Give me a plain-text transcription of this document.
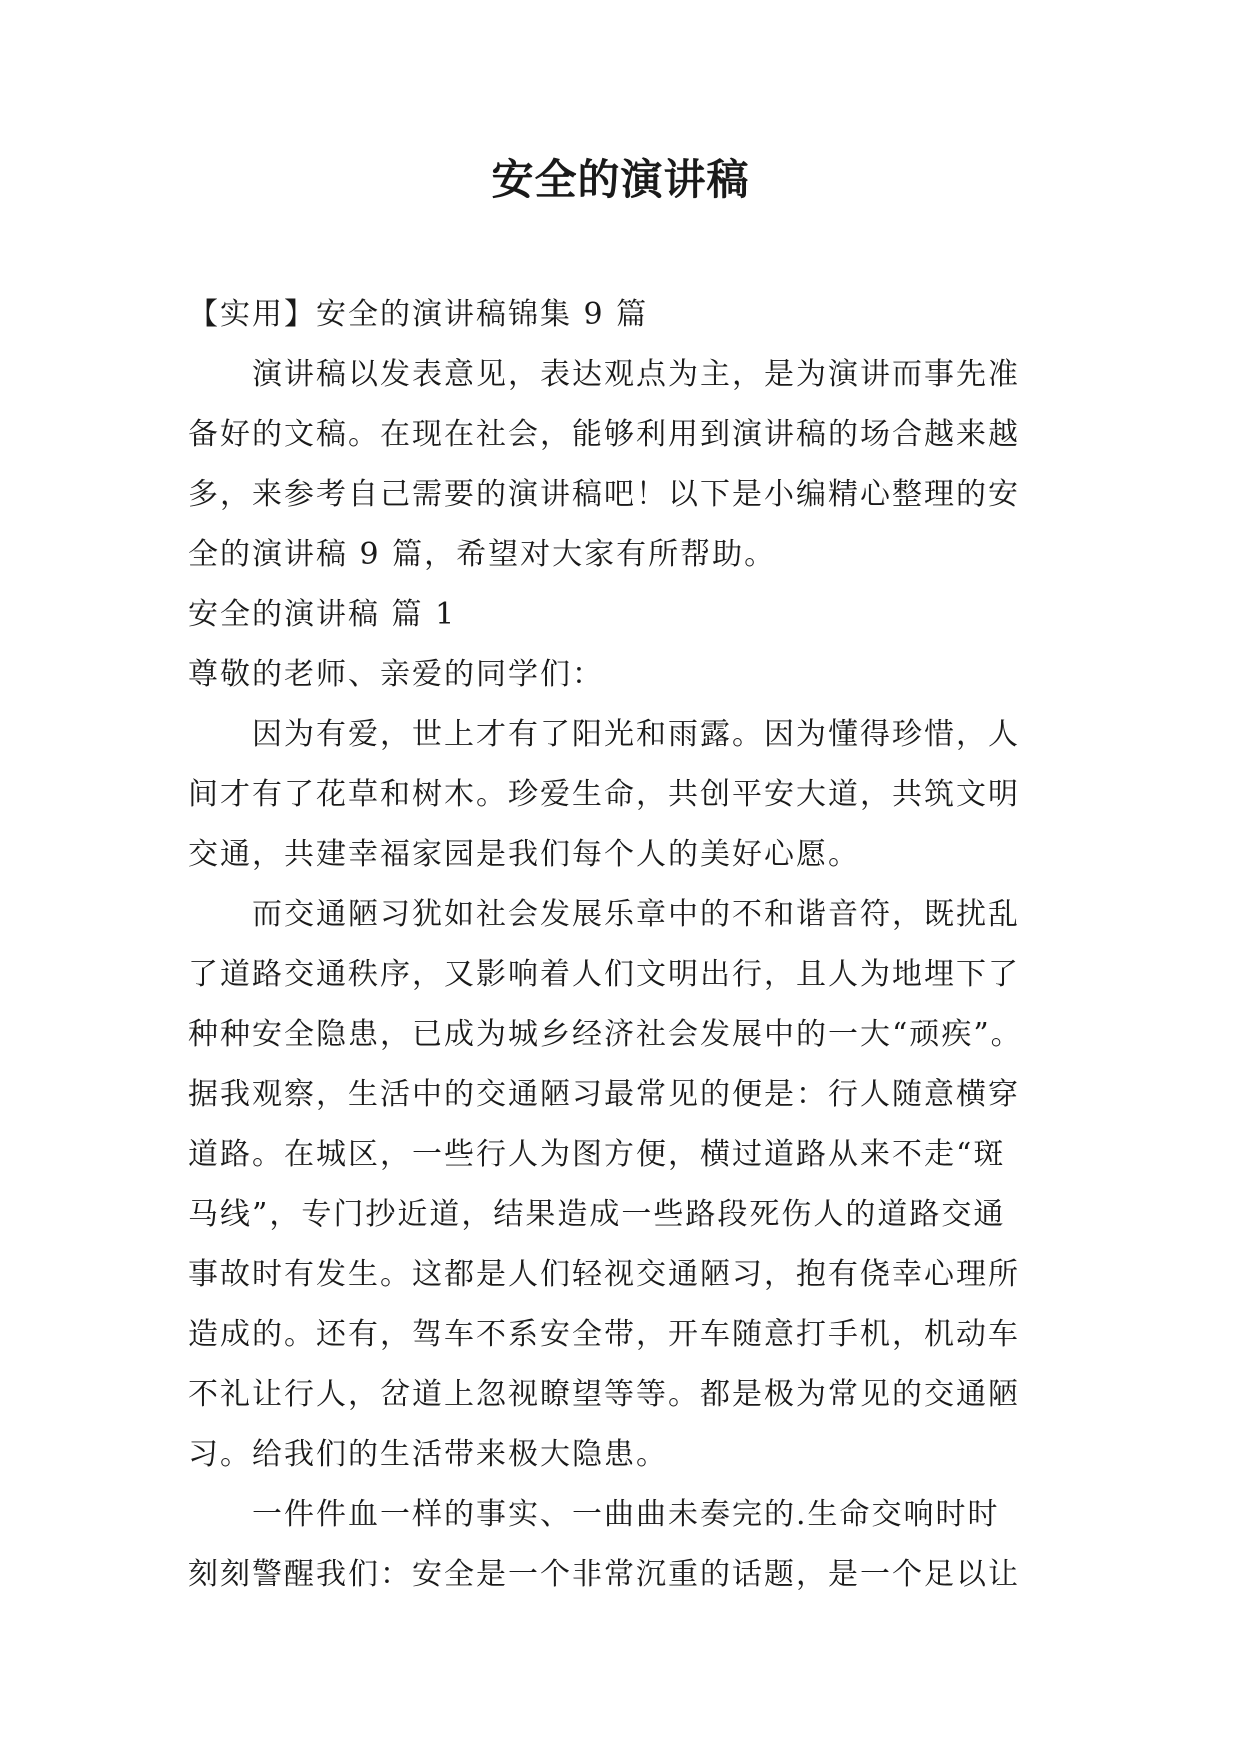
安全的演讲稿
【实用】安全的演讲稿锦集 9 篇
演讲稿以发表意见，表达观点为主，是为演讲而事先准
备好的文稿。在现在社会，能够利用到演讲稿的场合越来越
多，来参考自己需要的演讲稿吧！以下是小编精心整理的安
全的演讲稿 9 篇，希望对大家有所帮助。
安全的演讲稿 篇 1
尊敬的老师、亲爱的同学们：
因为有爱，世上才有了阳光和雨露。因为懂得珍惜，人
间才有了花草和树木。珍爱生命，共创平安大道，共筑文明
交通，共建幸福家园是我们每个人的美好心愿。
而交通陋习犹如社会发展乐章中的不和谐音符，既扰乱
了道路交通秩序，又影响着人们文明出行，且人为地埋下了
种种安全隐患，已成为城乡经济社会发展中的一大“顽疾”。
据我观察，生活中的交通陋习最常见的便是：行人随意横穿
道路。在城区，一些行人为图方便，横过道路从来不走“斑
马线”，专门抄近道，结果造成一些路段死伤人的道路交通
事故时有发生。这都是人们轻视交通陋习，抱有侥幸心理所
造成的。还有，驾车不系安全带，开车随意打手机，机动车
不礼让行人，岔道上忽视瞭望等等。都是极为常见的交通陋
习。给我们的生活带来极大隐患。
一件件血一样的事实、一曲曲未奏完的.生命交响时时
刻刻警醒我们：安全是一个非常沉重的话题，是一个足以让
